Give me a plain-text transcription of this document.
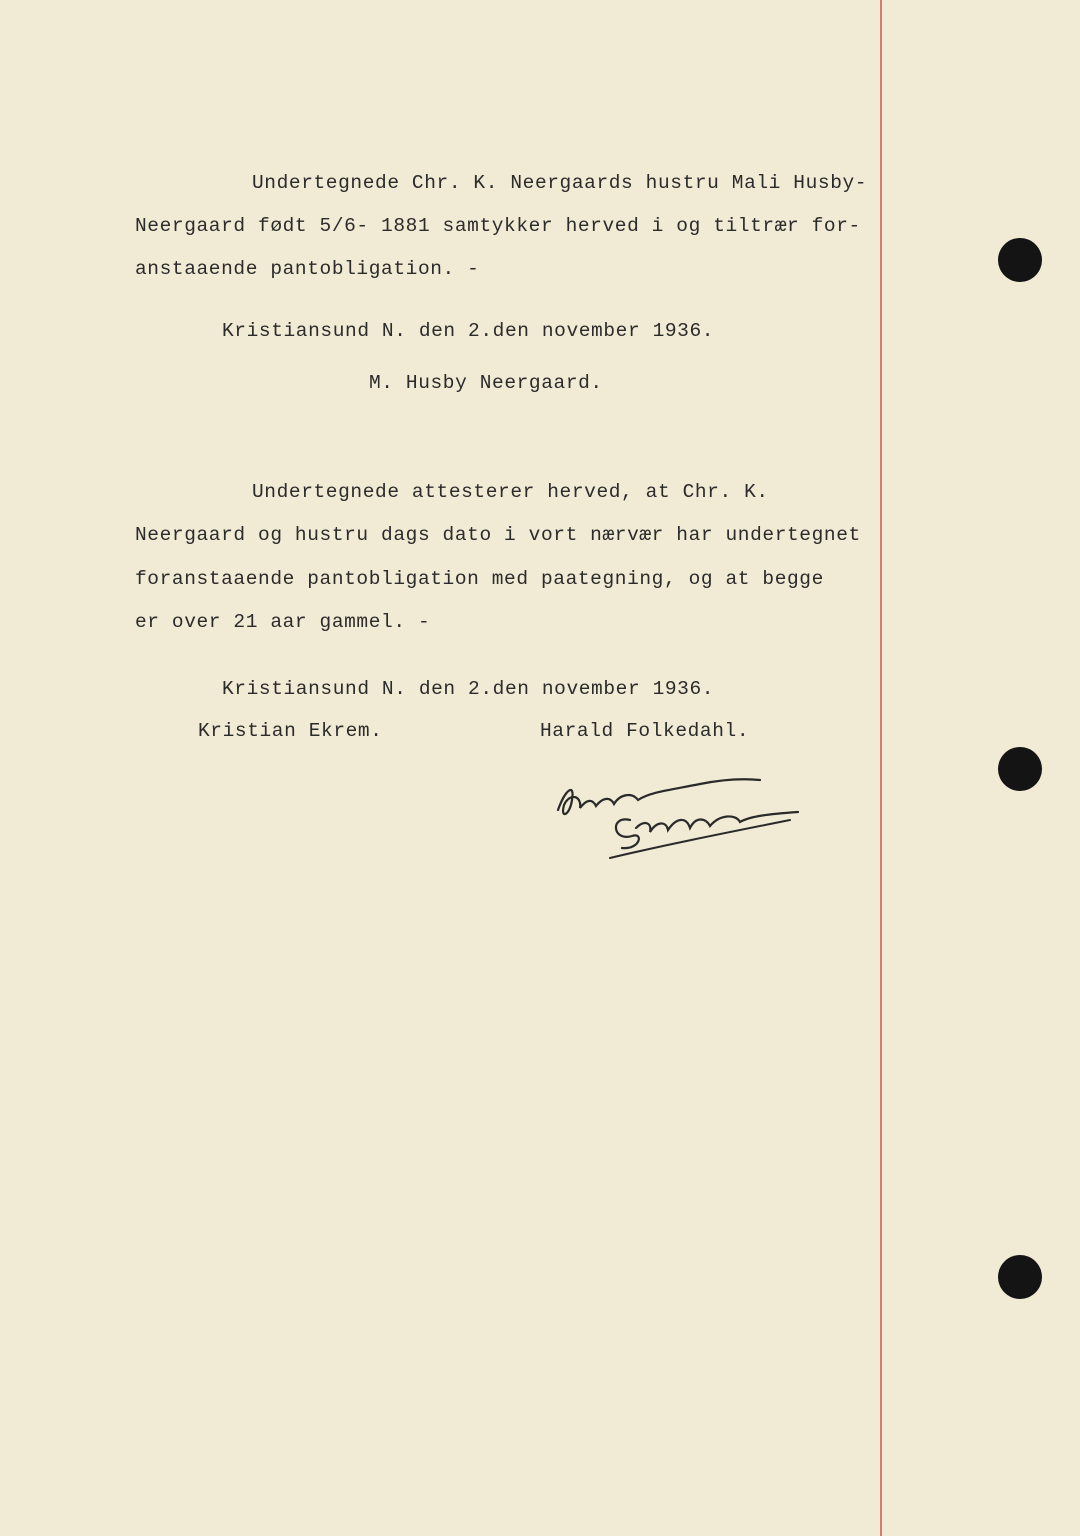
Undertegnede Chr. K. Neergaards hustru Mali Husby-
Neergaard født 5/6- 1881 samtykker herved i og tiltrær for-
anstaaende pantobligation. -
Kristiansund N. den 2.den november 1936.
M. Husby Neergaard.
Undertegnede attesterer herved, at Chr. K.
Neergaard og hustru dags dato i vort nærvær har undertegnet
foranstaaende pantobligation med paategning, og at begge
er over 21 aar gammel. -
Kristiansund N. den 2.den november 1936.
Kristian Ekrem.	Harald Folkedahl.
